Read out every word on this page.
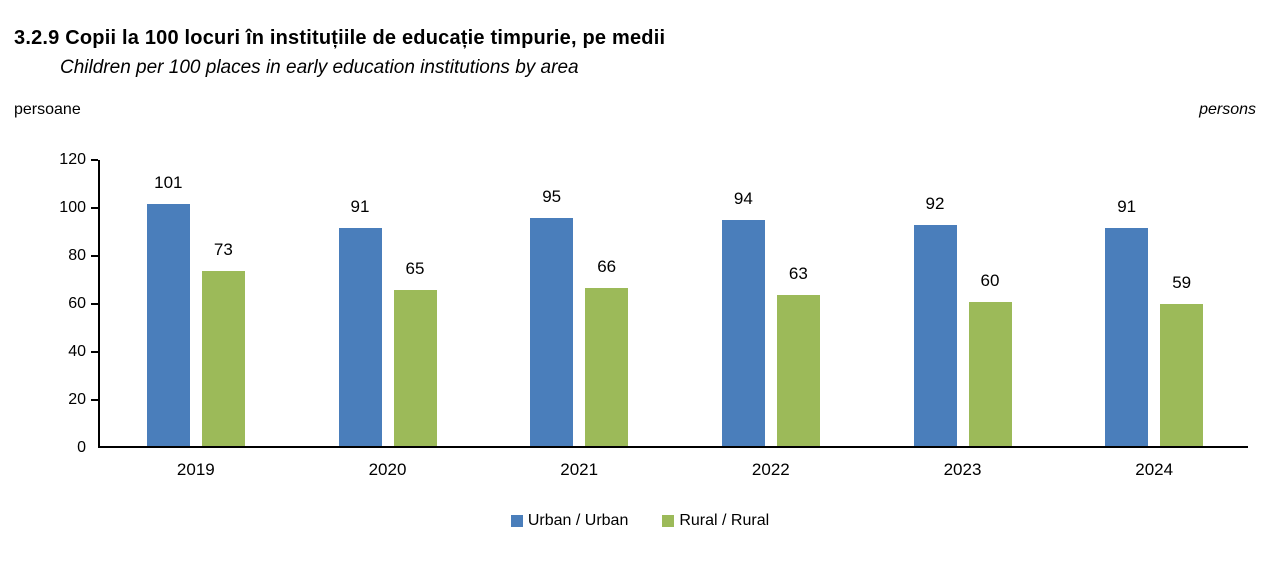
3.2.9 Copii la 100 locuri în instituțiile de educație timpurie, pe medii
Children per 100 places in early education institutions by area
persoane	persons
0
20
40
60
80
100
120
2019
101
73
2020
91
65
2021
95
66
2022
94
63
2023
92
60
2024
91
59
Urban / Urban	Rural / Rural
